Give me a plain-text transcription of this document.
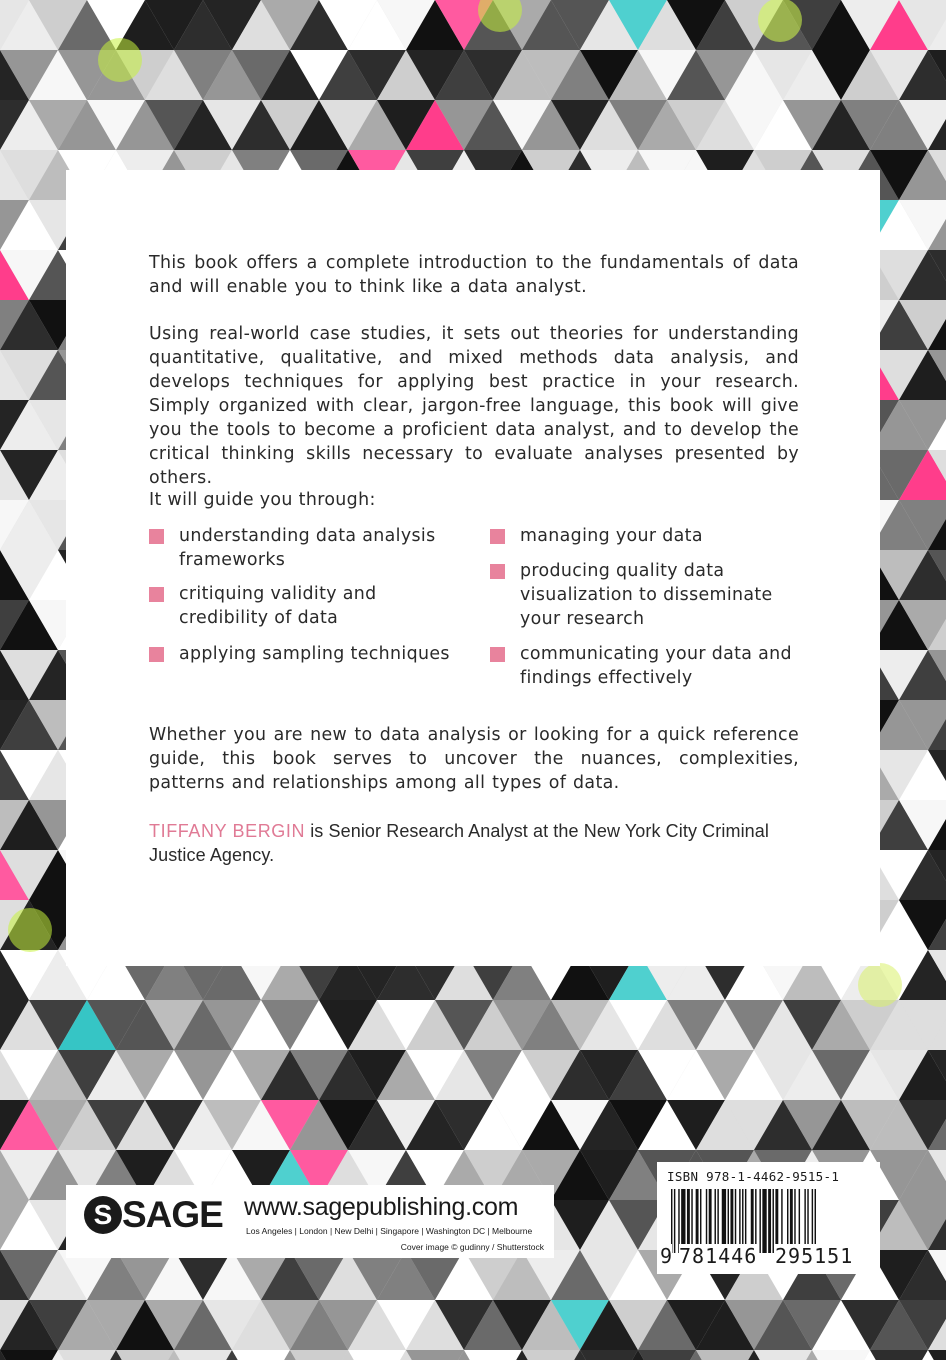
This book offers a complete introduction to the fundamentals of data and will enable you to think like a data analyst.

Using real-world case studies, it sets out theories for understanding quantitative, qualitative, and mixed methods data analysis, and develops techniques for applying best practice in your research. Simply organized with clear, jargon-free language, this book will give you the tools to become a proficient data analyst, and to develop the critical thinking skills necessary to evaluate analyses presented by others.

It will guide you through:

understanding data analysis frameworks
critiquing validity and credibility of data
applying sampling techniques
managing your data
producing quality data visualization to disseminate your research
communicating your data and findings effectively

Whether you are new to data analysis or looking for a quick reference guide, this book serves to uncover the nuances, complexities, patterns and relationships among all types of data.

TIFFANY BERGIN is Senior Research Analyst at the New York City Criminal Justice Agency.

S SAGE www.sagepublishing.com
Los Angeles | London | New Delhi | Singapore | Washington DC | Melbourne
Cover image © gudinny / Shutterstock
ISBN 978-1-4462-9515-1
9 781446 295151
